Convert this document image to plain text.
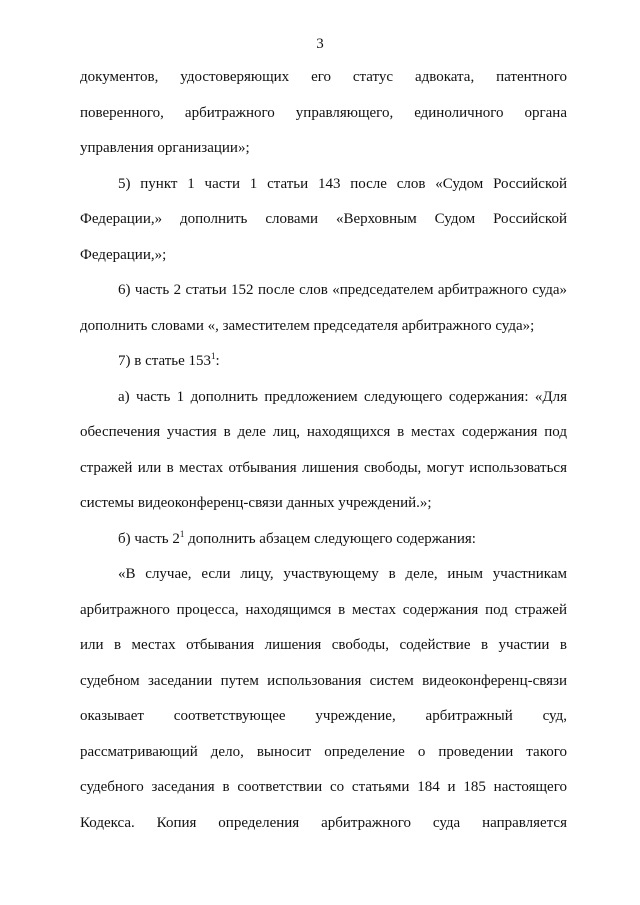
3
документов, удостоверяющих его статус адвоката, патентного
поверенного, арбитражного управляющего, единоличного органа
управления организации»;
5) пункт 1 части 1 статьи 143 после слов «Судом Российской
Федерации,» дополнить словами «Верховным Судом Российской
Федерации,»;
6) часть 2 статьи 152 после слов «председателем арбитражного суда»
дополнить словами «, заместителем председателя арбитражного суда»;
7) в статье $153^1$:
а) часть 1 дополнить предложением следующего содержания: «Для
обеспечения участия в деле лиц, находящихся в местах содержания под
стражей или в местах отбывания лишения свободы, могут использоваться
системы видеоконференц-связи данных учреждений.»;
б) часть $2^1$ дополнить абзацем следующего содержания:
«В случае, если лицу, участвующему в деле, иным участникам
арбитражного процесса, находящимся в местах содержания под стражей
или в местах отбывания лишения свободы, содействие в участии в
судебном заседании путем использования систем видеоконференц-связи
оказывает соответствующее учреждение, арбитражный суд,
рассматривающий дело, выносит определение о проведении такого
судебного заседания в соответствии со статьями 184 и 185 настоящего
Кодекса. Копия определения арбитражного суда направляется
